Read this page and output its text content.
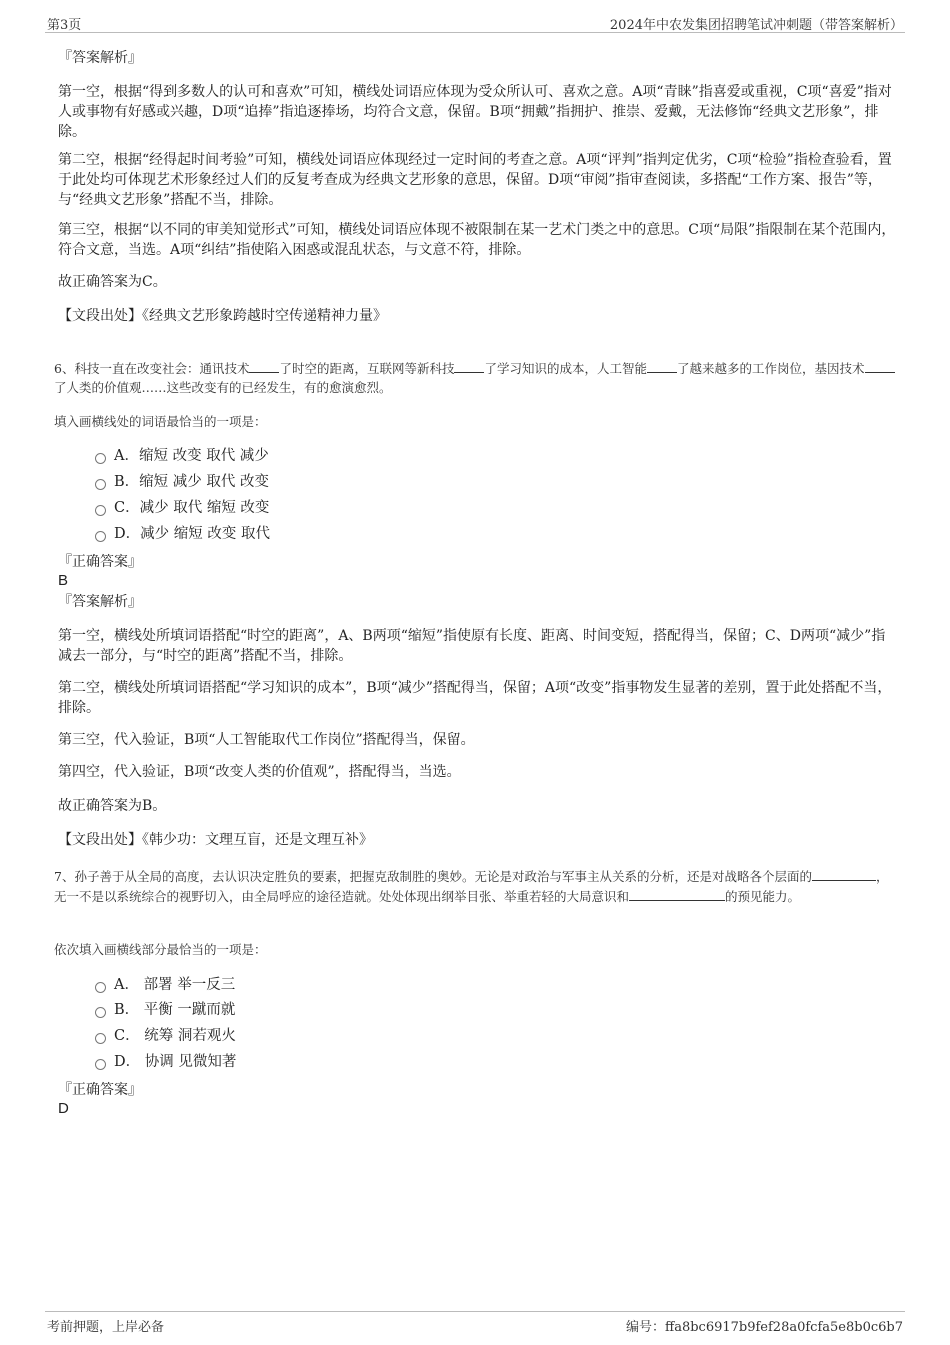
第3页	2024年中农发集团招聘笔试冲刺题（带答案解析）
『答案解析』
第一空，根据“得到多数人的认可和喜欢”可知，横线处词语应体现为受众所认可、喜欢之意。A项“青睐”指喜爱或重视，C项“喜爱”指对人或事物有好感或兴趣，D项“追捧”指追逐捧场，均符合文意，保留。B项“拥戴”指拥护、推崇、爱戴，无法修饰“经典文艺形象”，排除。
第二空，根据“经得起时间考验”可知，横线处词语应体现经过一定时间的考查之意。A项“评判”指判定优劣，C项“检验”指检查验看，置于此处均可体现艺术形象经过人们的反复考查成为经典文艺形象的意思，保留。D项“审阅”指审查阅读，多搭配“工作方案、报告”等，与“经典文艺形象”搭配不当，排除。
第三空，根据“以不同的审美知觉形式”可知，横线处词语应体现不被限制在某一艺术门类之中的意思。C项“局限”指限制在某个范围内，符合文意，当选。A项“纠结”指使陷入困惑或混乱状态，与文意不符，排除。
故正确答案为C。
【文段出处】《经典文艺形象跨越时空传递精神力量》
6、科技一直在改变社会：通讯技术 了时空的距离，互联网等新科技 了学习知识的成本，人工智能 了越来越多的工作岗位，基因技术了人类的价值观……这些改变有的已经发生，有的愈演愈烈。
填入画横线处的词语最恰当的一项是：
A．缩短 改变 取代 减少
B．缩短 减少 取代 改变
C．减少 取代 缩短 改变
D．减少 缩短 改变 取代
『正确答案』
B
『答案解析』
第一空，横线处所填词语搭配“时空的距离”，A、B两项“缩短”指使原有长度、距离、时间变短，搭配得当，保留；C、D两项“减少”指减去一部分，与“时空的距离”搭配不当，排除。
第二空，横线处所填词语搭配“学习知识的成本”，B项“减少”搭配得当，保留；A项“改变”指事物发生显著的差别，置于此处搭配不当，排除。
第三空，代入验证，B项“人工智能取代工作岗位”搭配得当，保留。
第四空，代入验证，B项“改变人类的价值观”，搭配得当，当选。
故正确答案为B。
【文段出处】《韩少功：文理互盲，还是文理互补》
7、孙子善于从全局的高度，去认识决定胜负的要素，把握克敌制胜的奥妙。无论是对政治与军事主从关系的分析，还是对战略各个层面的	，无一不是以系统综合的视野切入，由全局呼应的途径造就。处处体现出纲举目张、举重若轻的大局意识和	的预见能力。
依次填入画横线部分最恰当的一项是：
A． 部署 举一反三
B． 平衡 一蹴而就
C． 统筹 洞若观火
D． 协调 见微知著
『正确答案』
D
考前押题，上岸必备	编号：ffa8bc6917b9fef28a0fcfa5e8b0c6b7
